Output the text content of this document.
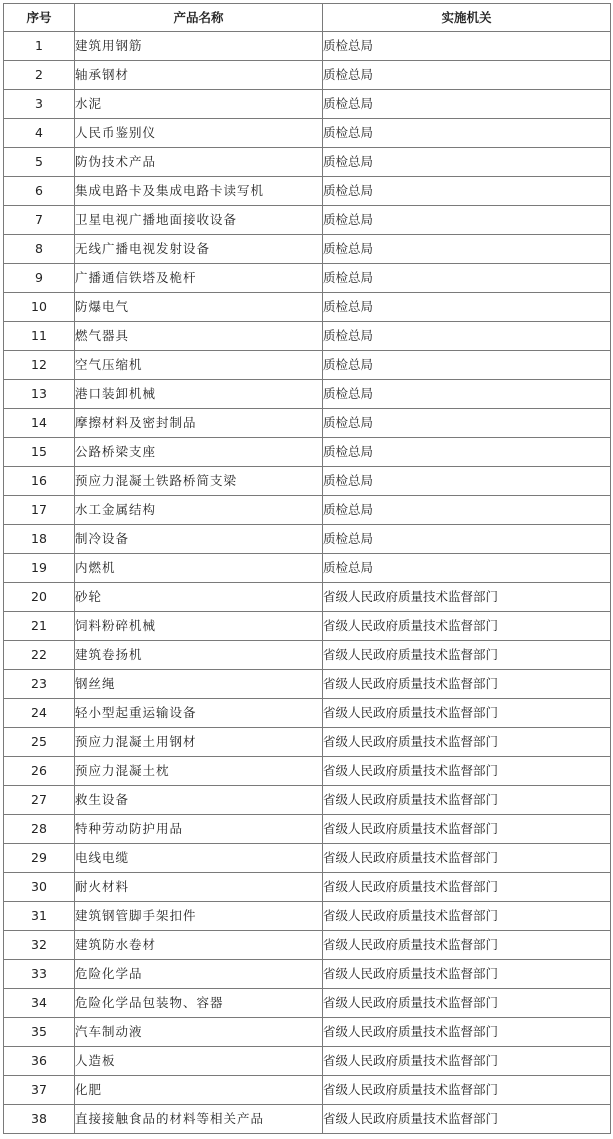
序号	产品名称	实施机关
1	建筑用钢筋	质检总局
2	轴承钢材	质检总局
3	水泥	质检总局
4	人民币鉴别仪	质检总局
5	防伪技术产品	质检总局
6	集成电路卡及集成电路卡读写机	质检总局
7	卫星电视广播地面接收设备	质检总局
8	无线广播电视发射设备	质检总局
9	广播通信铁塔及桅杆	质检总局
10	防爆电气	质检总局
11	燃气器具	质检总局
12	空气压缩机	质检总局
13	港口装卸机械	质检总局
14	摩擦材料及密封制品	质检总局
15	公路桥梁支座	质检总局
16	预应力混凝土铁路桥简支梁	质检总局
17	水工金属结构	质检总局
18	制冷设备	质检总局
19	内燃机	质检总局
20	砂轮	省级人民政府质量技术监督部门
21	饲料粉碎机械	省级人民政府质量技术监督部门
22	建筑卷扬机	省级人民政府质量技术监督部门
23	钢丝绳	省级人民政府质量技术监督部门
24	轻小型起重运输设备	省级人民政府质量技术监督部门
25	预应力混凝土用钢材	省级人民政府质量技术监督部门
26	预应力混凝土枕	省级人民政府质量技术监督部门
27	救生设备	省级人民政府质量技术监督部门
28	特种劳动防护用品	省级人民政府质量技术监督部门
29	电线电缆	省级人民政府质量技术监督部门
30	耐火材料	省级人民政府质量技术监督部门
31	建筑钢管脚手架扣件	省级人民政府质量技术监督部门
32	建筑防水卷材	省级人民政府质量技术监督部门
33	危险化学品	省级人民政府质量技术监督部门
34	危险化学品包装物、容器	省级人民政府质量技术监督部门
35	汽车制动液	省级人民政府质量技术监督部门
36	人造板	省级人民政府质量技术监督部门
37	化肥	省级人民政府质量技术监督部门
38	直接接触食品的材料等相关产品	省级人民政府质量技术监督部门
